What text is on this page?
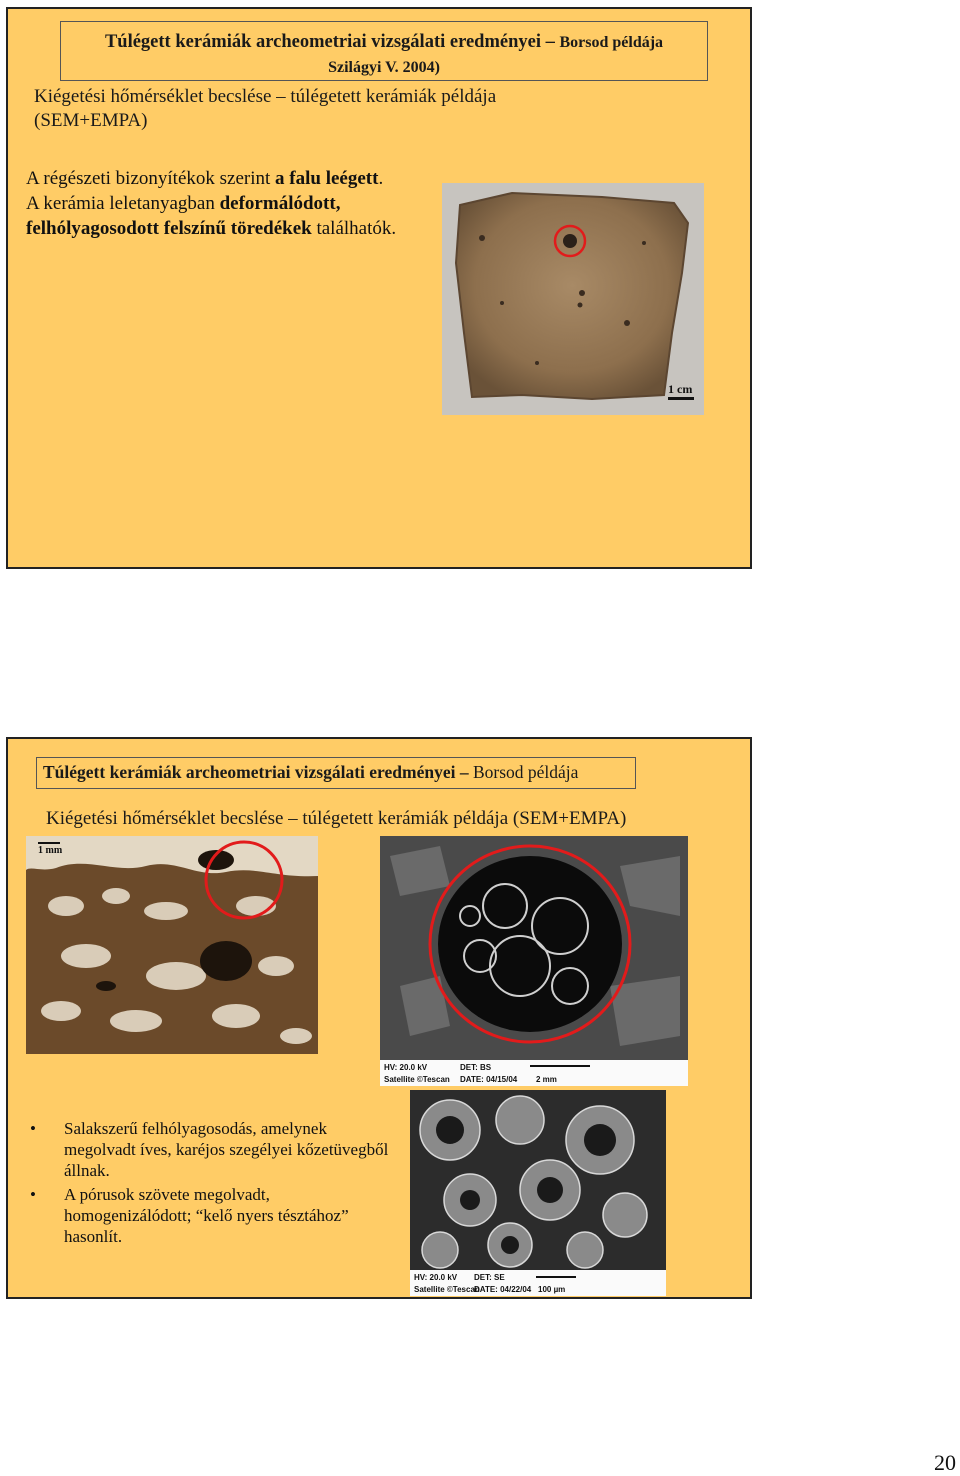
Túlégett kerámiák archeometriai vizsgálati eredményei – Borsod példája
Szilágyi V. 2004)
Kiégetési hőmérséklet becslése – túlégetett kerámiák példája (SEM+EMPA)
A régészeti bizonyítékok szerint a falu leégett.
A kerámia leletanyagban deformálódott, felhólyagosodott felszínű töredékek találhatók.
1 cm
Túlégett kerámiák archeometriai vizsgálati eredményei – Borsod példája
Kiégetési hőmérséklet becslése – túlégetett kerámiák példája (SEM+EMPA)
1 mm
HV: 20.0 kV
Satellite ©Tescan
DET: BS
DATE: 04/15/04 2 mm
HV: 20.0 kV
Satellite ©Tescan
DET: SE
DATE: 04/22/04 100 µm
• Salakszerű felhólyagosodás, amelynek megolvadt íves, karéjos szegélyei kőzetüvegből állnak.
• A pórusok szövete megolvadt, homogenizálódott; “kelő nyers tésztához” hasonlít.
20
